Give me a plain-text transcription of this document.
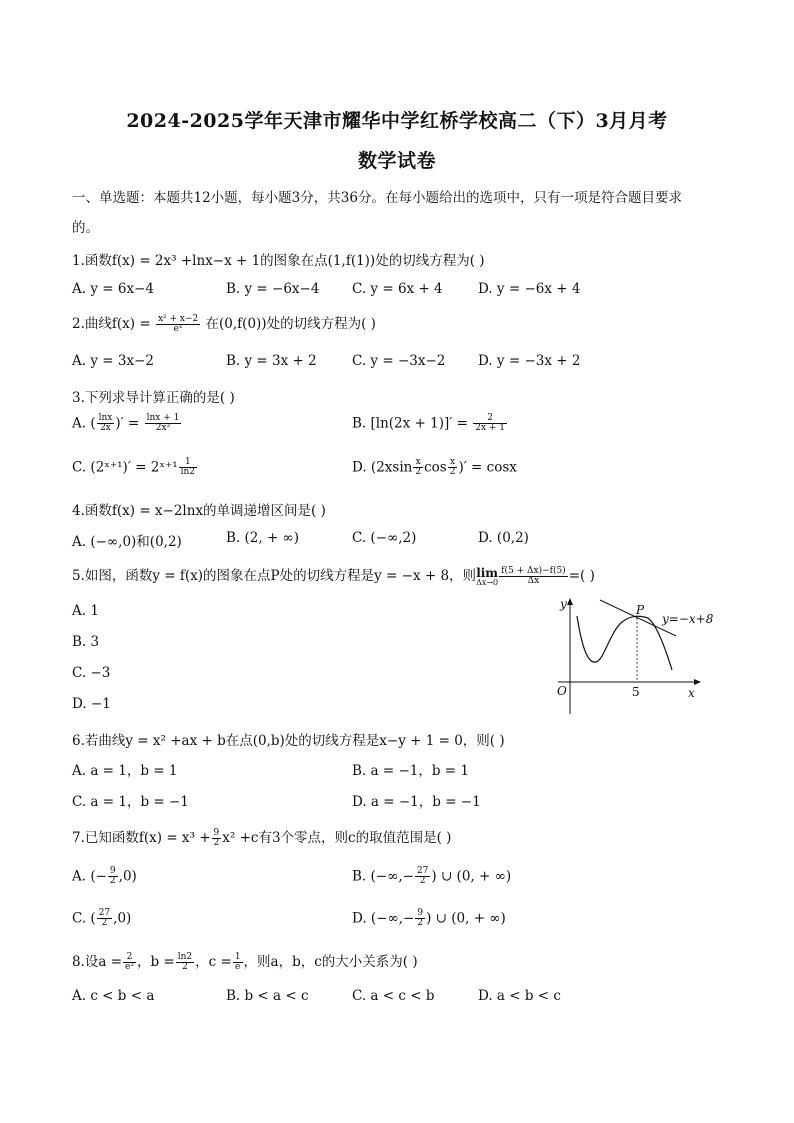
2024-2025学年天津市耀华中学红桥学校高二（下）3月月考
数学试卷
一、单选题：本题共12小题，每小题3分，共36分。在每小题给出的选项中，只有一项是符合题目要求
的。
1.函数f(x) = 2x³ +lnx−x + 1的图象在点(1,f(1))处的切线方程为( )
A. y = 6x−4	B. y = −6x−4 C. y = 6x + 4	D. y = −6x + 4
2.曲线$f(x) = \frac{\text{x² + x−2}}{\text{eˣ}}$ 在(0,f(0))处的切线方程为( )
A. y = 3x−2	B. y = 3x + 2	C. y = −3x−2 D. y = −3x + 2
3.下列求导计算正确的是( )
A. ( $\frac{\ln x}{2x}$ )′ = $\frac{\ln x + 1}{\text{2x²}}$	B. $[\ln(2x + 1)]' = \frac{2}{2x + 1}$
C. (2ˣ⁺¹)′ = 2ˣ⁺¹ $\frac{1}{\ln 2}$	D. ($2xsin \frac{x}{2}$ $\cos \frac{x}{2}$ )′ = cosx
4.函数f(x) = x−2lnx的单调递增区间是( )
A. (−∞,0)和(0,2)	B. (2, + ∞)	C. (−∞,2)	D. (0,2)
5.如图，函数y = f(x)的图象在点P处的切线方程是y = −x + 8，则 lim
$\Delta x\to 0 \frac{f(5 + \Delta x)-f(5)}{\Delta x}$ =( )
A. 1
B. 3
C. −3
D. −1
y
x
O
P
5
y=−x+8
6.若曲线y = x² +ax + b在点(0,b)处的切线方程是x−y + 1 = 0，则( )
A. a = 1，b = 1	B. a = −1，b = 1
C. a = 1，b = −1	D. a = −1，b = −1
7.已知函数$f(x) = x^3 + \frac{9}{2} x^2 +c$有3个零点，则c的取值范围是( )
A. (− $\frac{9}{2} ,0$)	B. (−∞,− $\frac{27}{2}$ ) ∪ (0, + ∞)
C. ( $\frac{27}{2} ,0$)	D. (−∞,− $\frac{9}{2}$ ) ∪ (0, + ∞)
8.设$a = \frac{2}{\text{e²}}$ ，$b = \frac{\ln 2}{2}$ ，$c = \frac{1}{e}$ ，则a，b，c的大小关系为( )
A. c < b < a	B. b < a < c	C. a < c < b	D. a < b < c
